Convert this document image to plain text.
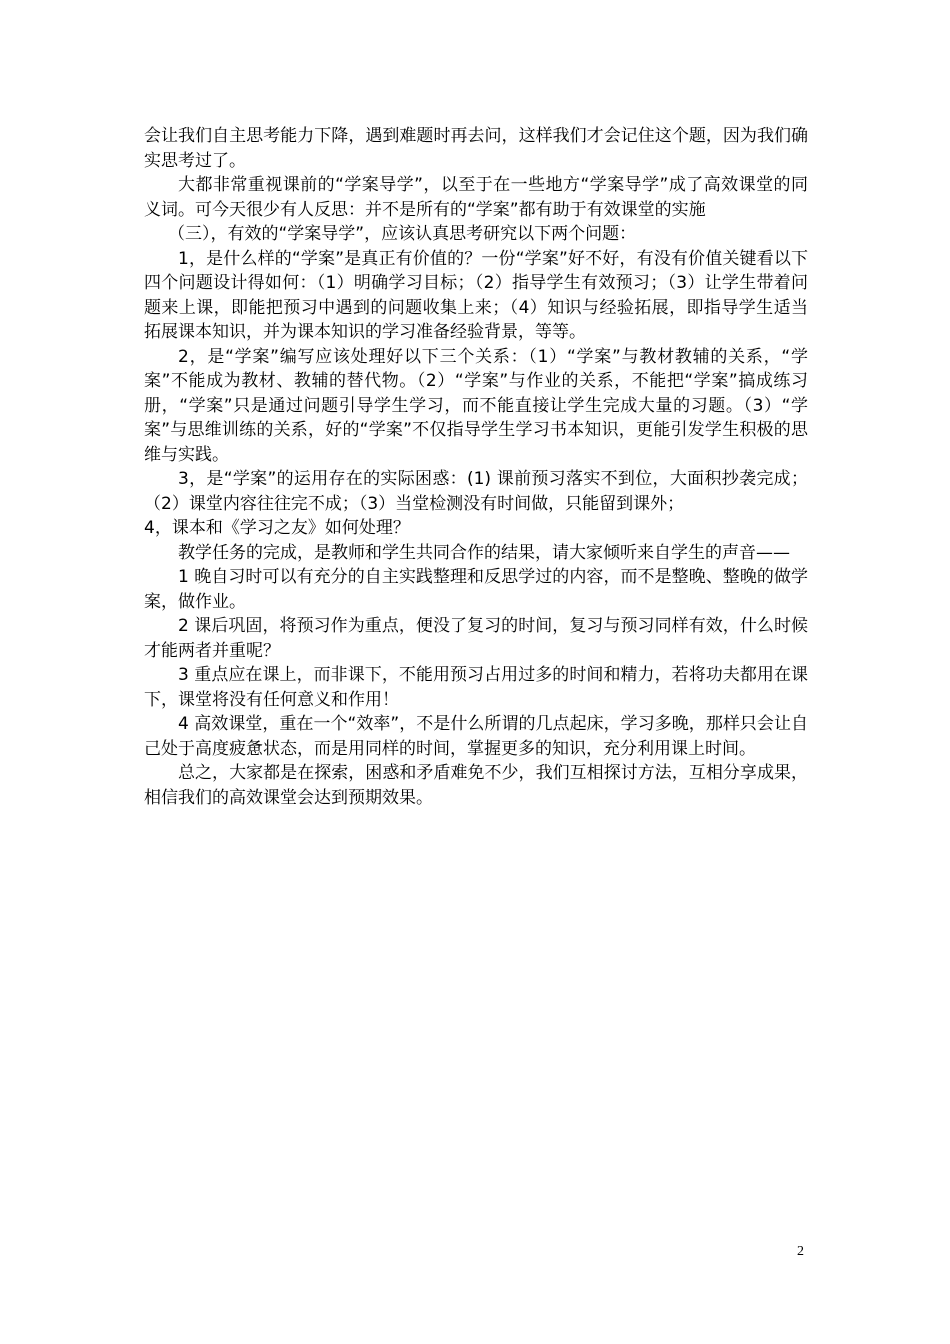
会让我们自主思考能力下降，遇到难题时再去问，这样我们才会记住这个题，因为我们确实思考过了。

大都非常重视课前的“学案导学”，以至于在一些地方“学案导学”成了高效课堂的同义词。可今天很少有人反思：并不是所有的“学案”都有助于有效课堂的实施

（三），有效的“学案导学”，应该认真思考研究以下两个问题：

1，是什么样的“学案”是真正有价值的？一份“学案”好不好，有没有价值关键看以下四个问题设计得如何：（1）明确学习目标；（2）指导学生有效预习；（3）让学生带着问题来上课，即能把预习中遇到的问题收集上来；（4）知识与经验拓展，即指导学生适当拓展课本知识，并为课本知识的学习准备经验背景，等等。

2，是“学案”编写应该处理好以下三个关系：（1）“学案”与教材教辅的关系，“学案”不能成为教材、教辅的替代物。（2）“学案”与作业的关系，不能把“学案”搞成练习册，“学案”只是通过问题引导学生学习，而不能直接让学生完成大量的习题。（3）“学案”与思维训练的关系，好的“学案”不仅指导学生学习书本知识，更能引发学生积极的思维与实践。

3，是“学案”的运用存在的实际困惑：(1) 课前预习落实不到位，大面积抄袭完成；（2）课堂内容往往完不成；（3）当堂检测没有时间做，只能留到课外；

4，课本和《学习之友》如何处理？

教学任务的完成，是教师和学生共同合作的结果，请大家倾听来自学生的声音——

1 晚自习时可以有充分的自主实践整理和反思学过的内容，而不是整晚、整晚的做学案，做作业。

2 课后巩固，将预习作为重点，便没了复习的时间，复习与预习同样有效，什么时候才能两者并重呢？

3 重点应在课上，而非课下，不能用预习占用过多的时间和精力，若将功夫都用在课下，课堂将没有任何意义和作用！

4 高效课堂，重在一个“效率”，不是什么所谓的几点起床，学习多晚，那样只会让自己处于高度疲惫状态，而是用同样的时间，掌握更多的知识，充分利用课上时间。

总之，大家都是在探索，困惑和矛盾难免不少，我们互相探讨方法，互相分享成果，相信我们的高效课堂会达到预期效果。

2
